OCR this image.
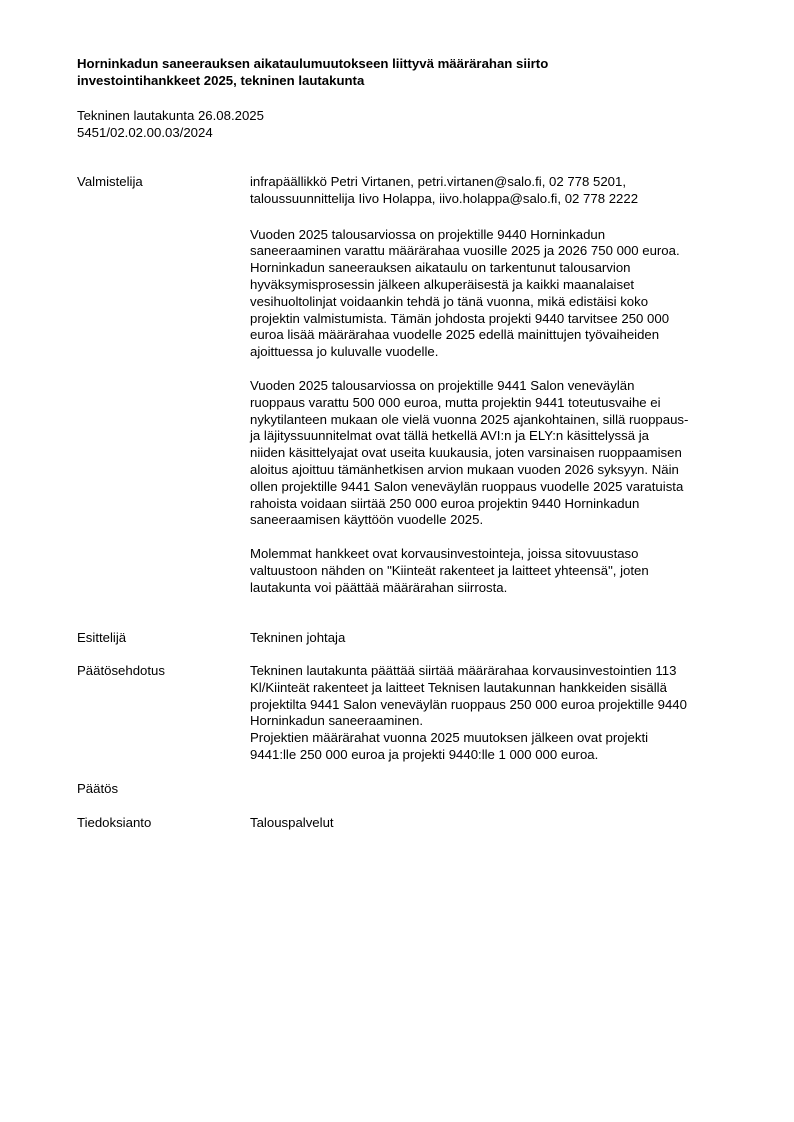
Horninkadun saneerauksen aikataulumuutokseen liittyvä määrärahan siirto
investointihankkeet 2025, tekninen lautakunta
Tekninen lautakunta 26.08.2025
5451/02.02.00.03/2024
Valmistelija	infrapäällikkö Petri Virtanen, petri.virtanen@salo.fi, 02 778 5201,
taloussuunnittelija Iivo Holappa, iivo.holappa@salo.fi, 02 778 2222

Vuoden 2025 talousarviossa on projektille 9440 Horninkadun
saneeraaminen varattu määrärahaa vuosille 2025 ja 2026 750 000 euroa.
Horninkadun saneerauksen aikataulu on tarkentunut talousarvion
hyväksymisprosessin jälkeen alkuperäisestä ja kaikki maanalaiset
vesihuoltolinjat voidaankin tehdä jo tänä vuonna, mikä edistäisi koko
projektin valmistumista. Tämän johdosta projekti 9440 tarvitsee 250 000
euroa lisää määrärahaa vuodelle 2025 edellä mainittujen työvaiheiden
ajoittuessa jo kuluvalle vuodelle.

Vuoden 2025 talousarviossa on projektille 9441 Salon veneväylän
ruoppaus varattu 500 000 euroa, mutta projektin 9441 toteutusvaihe ei
nykytilanteen mukaan ole vielä vuonna 2025 ajankohtainen, sillä ruoppaus-
ja läjityssuunnitelmat ovat tällä hetkellä AVI:n ja ELY:n käsittelyssä ja
niiden käsittelyajat ovat useita kuukausia, joten varsinaisen ruoppaamisen
aloitus ajoittuu tämänhetkisen arvion mukaan vuoden 2026 syksyyn. Näin
ollen projektille 9441 Salon veneväylän ruoppaus vuodelle 2025 varatuista
rahoista voidaan siirtää 250 000 euroa projektin 9440 Horninkadun
saneeraamisen käyttöön vuodelle 2025.

Molemmat hankkeet ovat korvausinvestointeja, joissa sitovuustaso
valtuustoon nähden on "Kiinteät rakenteet ja laitteet yhteensä", joten
lautakunta voi päättää määrärahan siirrosta.

Esittelijä	Tekninen johtaja
Päätösehdotus	Tekninen lautakunta päättää siirtää määrärahaa korvausinvestointien 113
Kl/Kiinteät rakenteet ja laitteet Teknisen lautakunnan hankkeiden sisällä
projektilta 9441 Salon veneväylän ruoppaus 250 000 euroa projektille 9440
Horninkadun saneeraaminen.
Projektien määrärahat vuonna 2025 muutoksen jälkeen ovat projekti
9441:lle 250 000 euroa ja projekti 9440:lle 1 000 000 euroa.
Päätös
Tiedoksianto	Talouspalvelut
